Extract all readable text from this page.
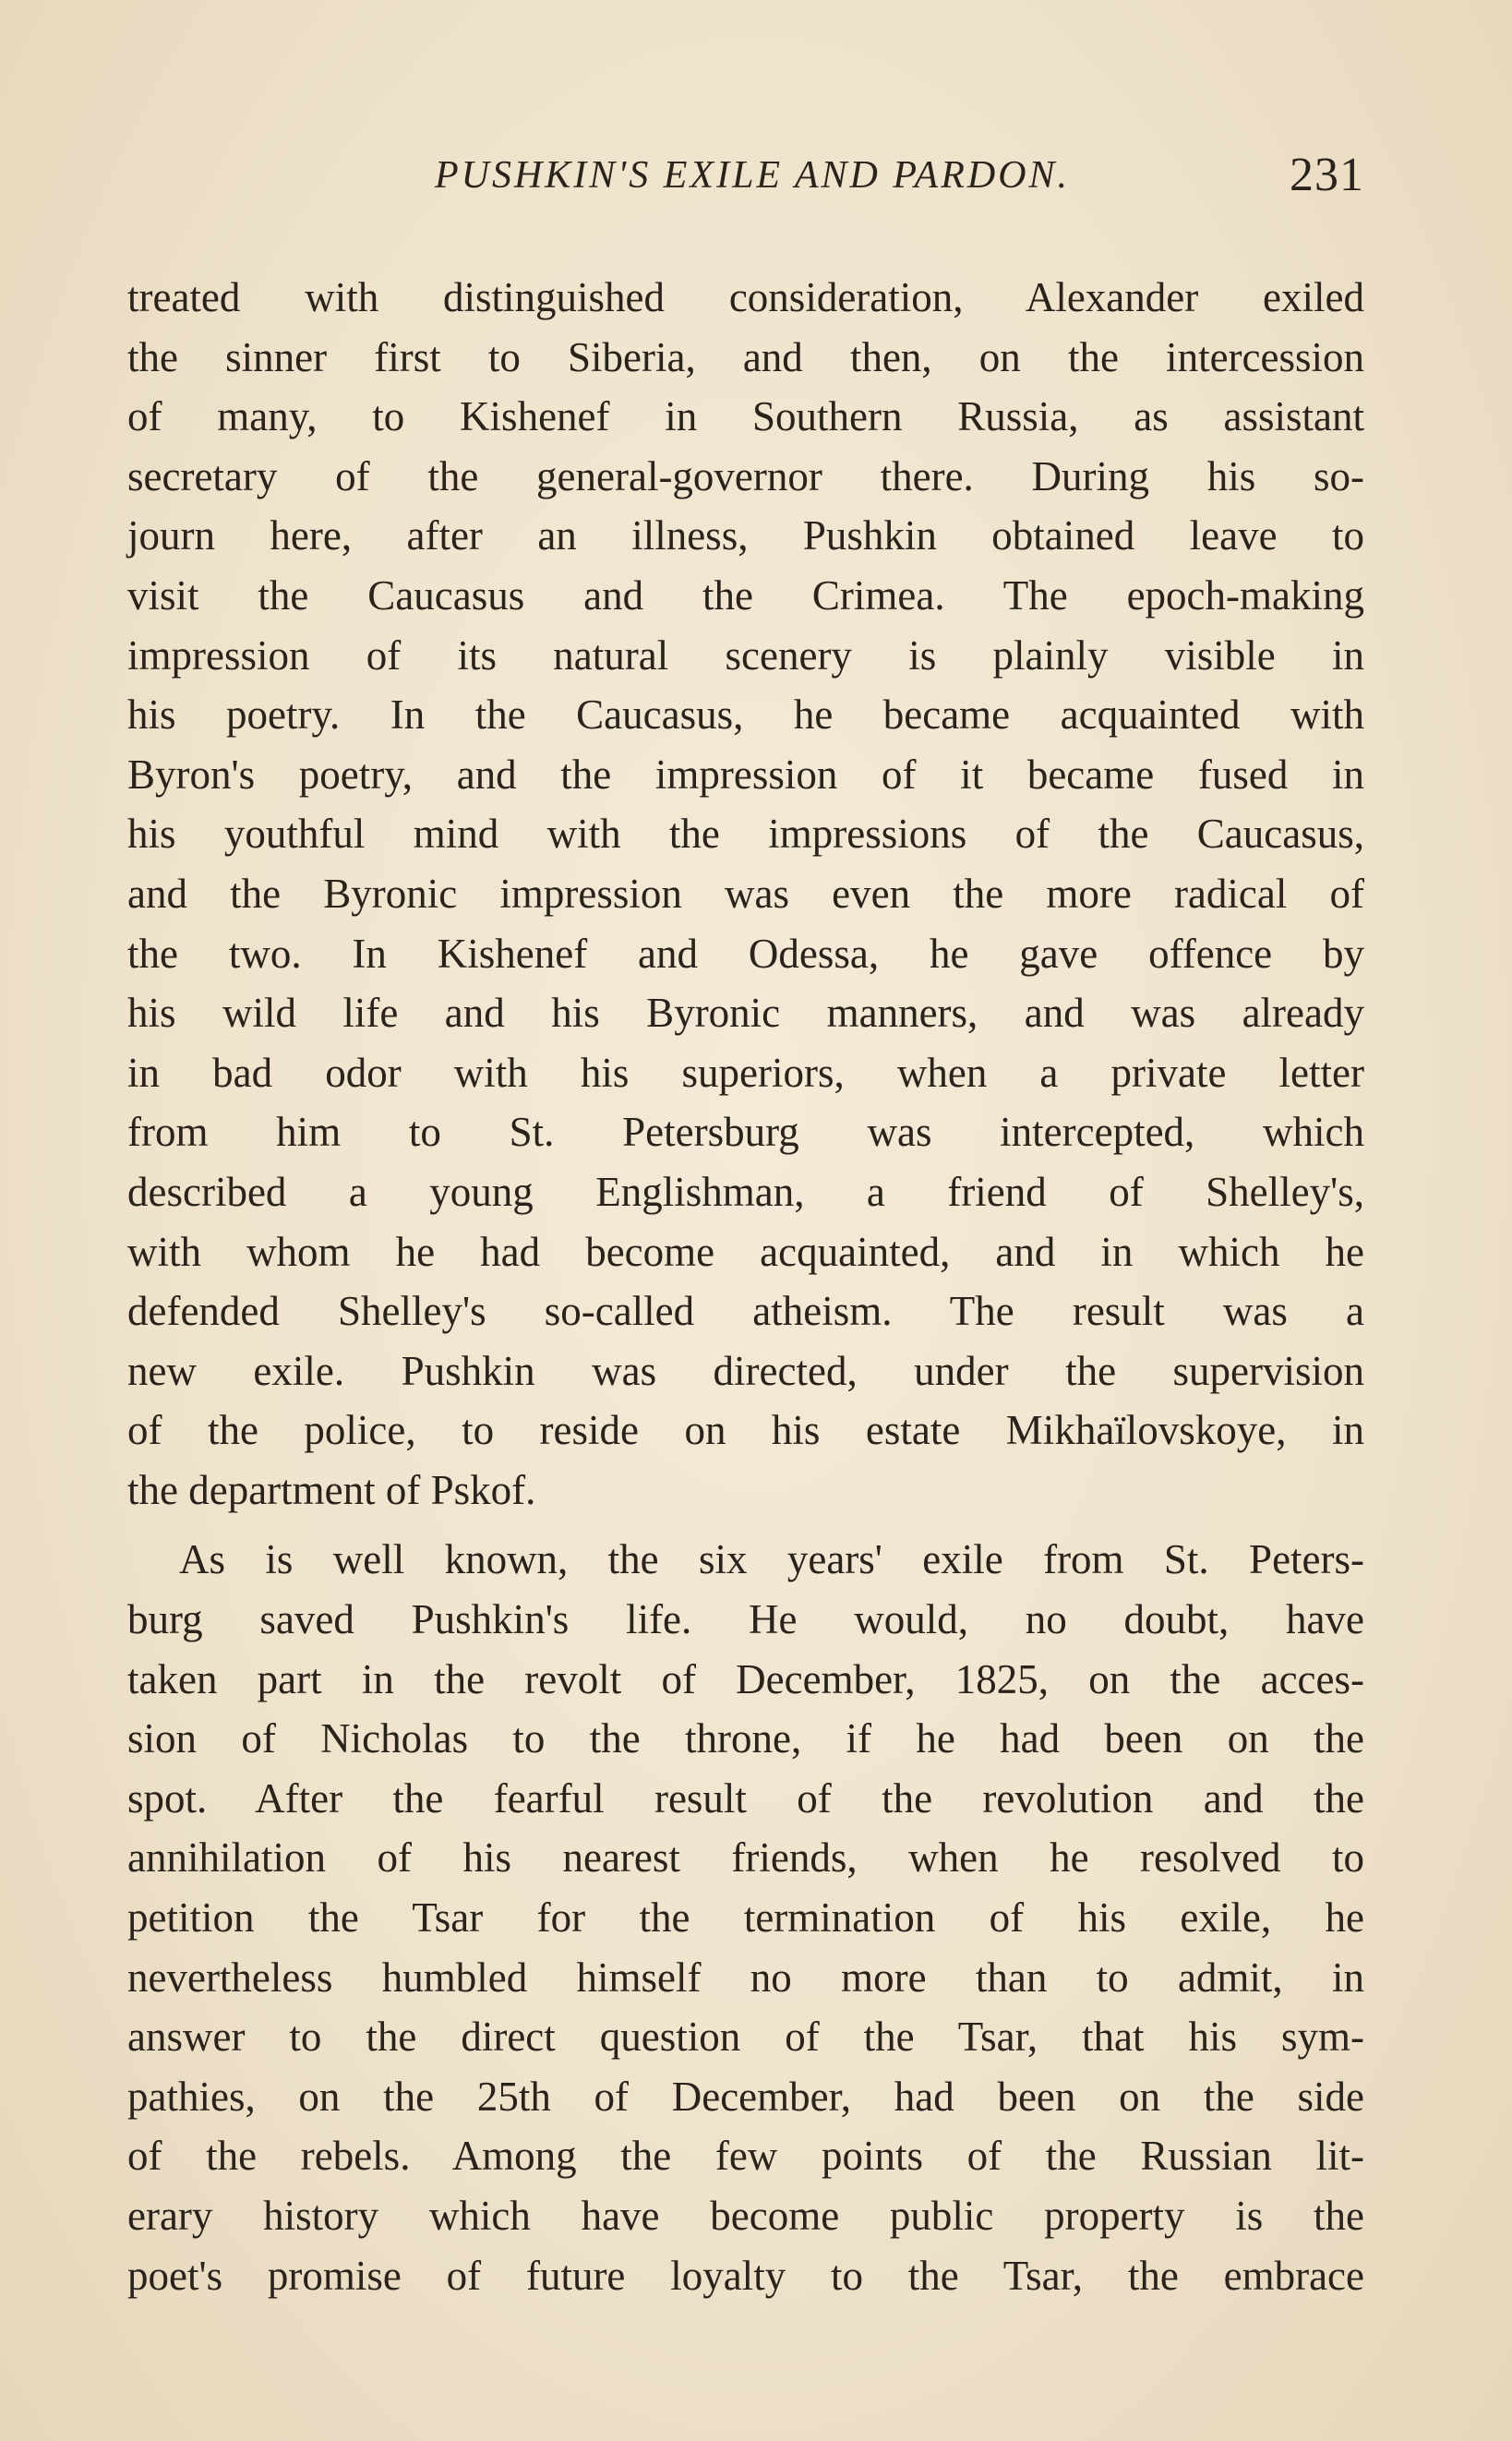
PUSHKIN'S EXILE AND PARDON.	231

treated with distinguished consideration, Alexander exiled
the sinner first to Siberia, and then, on the intercession
of many, to Kishenef in Southern Russia, as assistant
secretary of the general-governor there. During his so-
journ here, after an illness, Pushkin obtained leave to
visit the Caucasus and the Crimea. The epoch-making
impression of its natural scenery is plainly visible in
his poetry. In the Caucasus, he became acquainted with
Byron's poetry, and the impression of it became fused in
his youthful mind with the impressions of the Caucasus,
and the Byronic impression was even the more radical of
the two. In Kishenef and Odessa, he gave offence by
his wild life and his Byronic manners, and was already
in bad odor with his superiors, when a private letter
from him to St. Petersburg was intercepted, which
described a young Englishman, a friend of Shelley's,
with whom he had become acquainted, and in which he
defended Shelley's so-called atheism. The result was a
new exile. Pushkin was directed, under the supervision
of the police, to reside on his estate Mikhaïlovskoye, in
the department of Pskof.

As is well known, the six years' exile from St. Peters-
burg saved Pushkin's life. He would, no doubt, have
taken part in the revolt of December, 1825, on the acces-
sion of Nicholas to the throne, if he had been on the
spot. After the fearful result of the revolution and the
annihilation of his nearest friends, when he resolved to
petition the Tsar for the termination of his exile, he
nevertheless humbled himself no more than to admit, in
answer to the direct question of the Tsar, that his sym-
pathies, on the 25th of December, had been on the side
of the rebels. Among the few points of the Russian lit-
erary history which have become public property is the
poet's promise of future loyalty to the Tsar, the embrace
